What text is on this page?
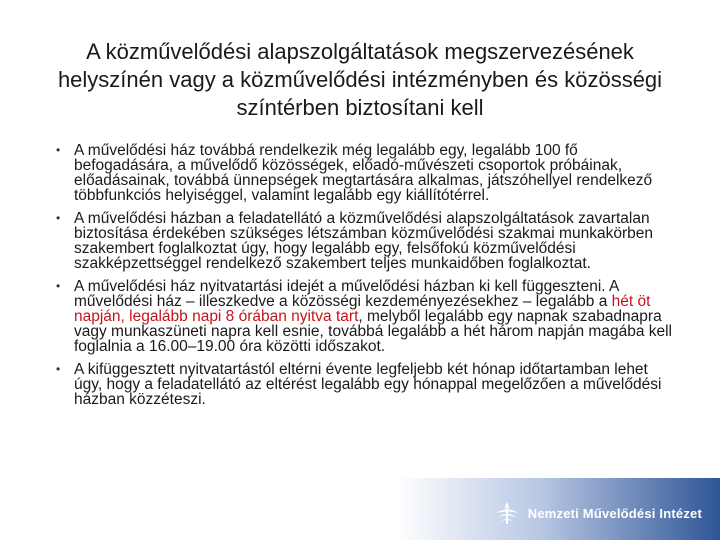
A közművelődési alapszolgáltatások megszervezésének helyszínén vagy a közművelődési intézményben és közösségi színtérben biztosítani kell
• A művelődési ház továbbá rendelkezik még legalább egy, legalább 100 fő befogadására, a művelődő közösségek, előadó-művészeti csoportok próbáinak, előadásainak, továbbá ünnepségek megtartására alkalmas, játszóhellyel rendelkező többfunkciós helyiséggel, valamint legalább egy kiállítótérrel.
• A művelődési házban a feladatellátó a közművelődési alapszolgáltatások zavartalan biztosítása érdekében szükséges létszámban közművelődési szakmai munkakörben szakembert foglalkoztat úgy, hogy legalább egy, felsőfokú közművelődési szakképzettséggel rendelkező szakembert teljes munkaidőben foglalkoztat.
• A művelődési ház nyitvatartási idejét a művelődési házban ki kell függeszteni. A művelődési ház – illeszkedve a közösségi kezdeményezésekhez – legalább a hét öt napján, legalább napi 8 órában nyitva tart, melyből legalább egy napnak szabadnapra vagy munkaszüneti napra kell esnie, továbbá legalább a hét három napján magába kell foglalnia a 16.00–19.00 óra közötti időszakot.
• A kifüggesztett nyitvatartástól eltérni évente legfeljebb két hónap időtartamban lehet úgy, hogy a feladatellátó az eltérést legalább egy hónappal megelőzően a művelődési házban közzéteszi.
Nemzeti Művelődési Intézet
